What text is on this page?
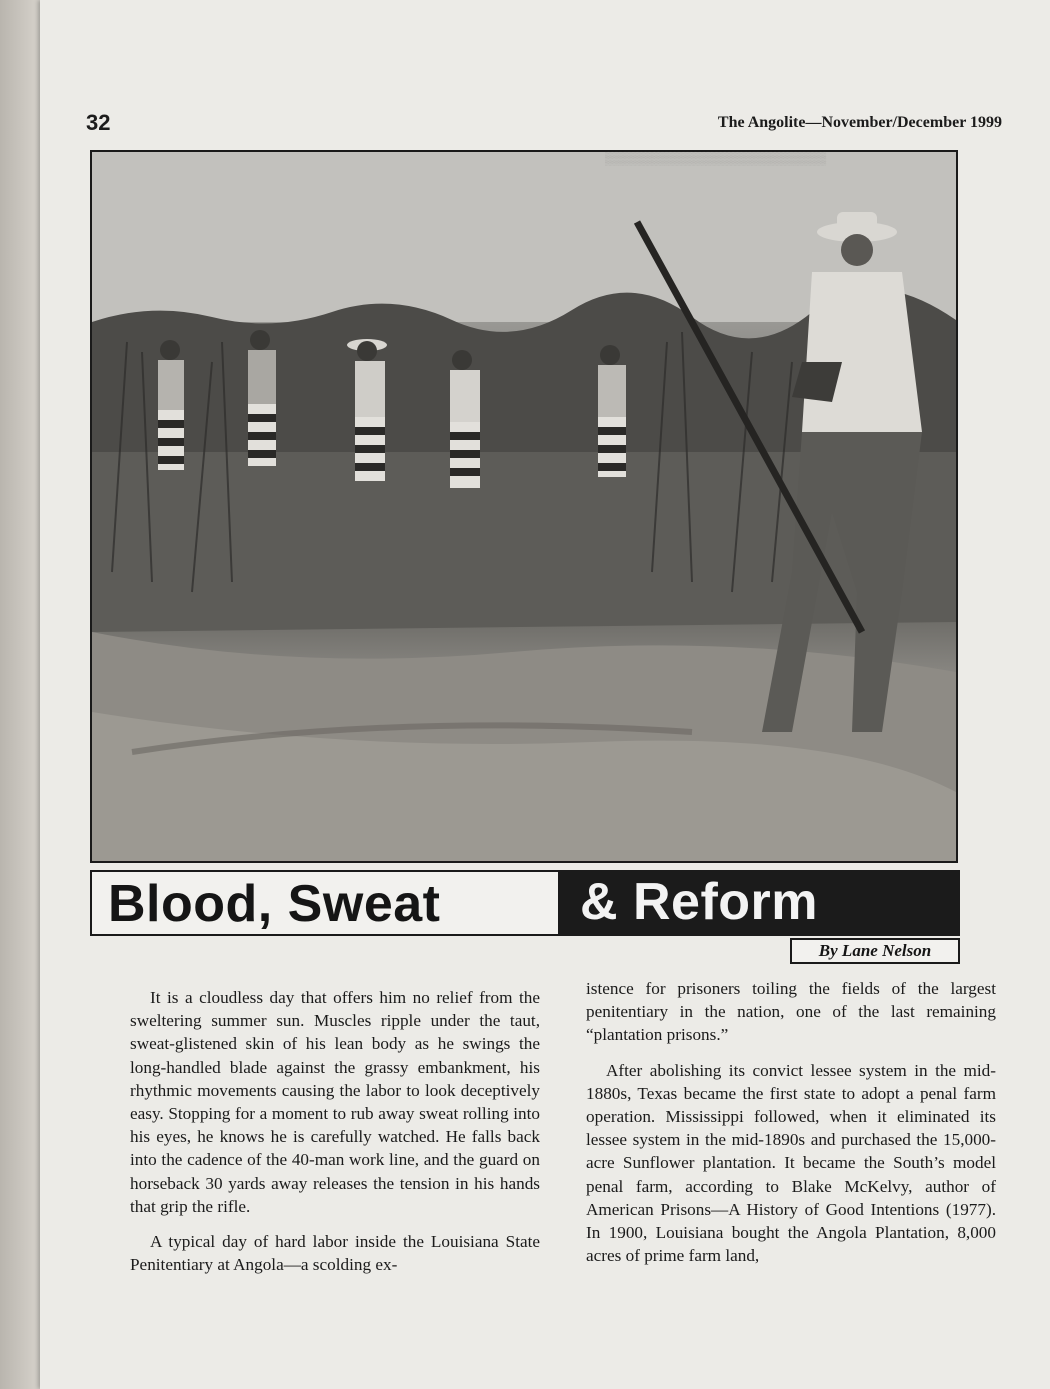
32	The Angolite—November/December 1999
Blood, Sweat	& Reform
By Lane Nelson

It is a cloudless day that offers him no relief from the sweltering summer sun. Muscles ripple under the taut, sweat-glistened skin of his lean body as he swings the long-handled blade against the grassy embankment, his rhythmic movements causing the labor to look deceptively easy. Stopping for a moment to rub away sweat rolling into his eyes, he knows he is carefully watched. He falls back into the cadence of the 40-man work line, and the guard on horseback 30 yards away releases the tension in his hands that grip the rifle.

A typical day of hard labor inside the Louisiana State Penitentiary at Angola—a scolding ex-

istence for prisoners toiling the fields of the largest penitentiary in the nation, one of the last remaining “plantation prisons.”

After abolishing its convict lessee system in the mid-1880s, Texas became the first state to adopt a penal farm operation. Mississippi followed, when it eliminated its lessee system in the mid-1890s and purchased the 15,000-acre Sunflower plantation. It became the South’s model penal farm, according to Blake McKelvy, author of American Prisons—A History of Good Intentions (1977). In 1900, Louisiana bought the Angola Plantation, 8,000 acres of prime farm land,
